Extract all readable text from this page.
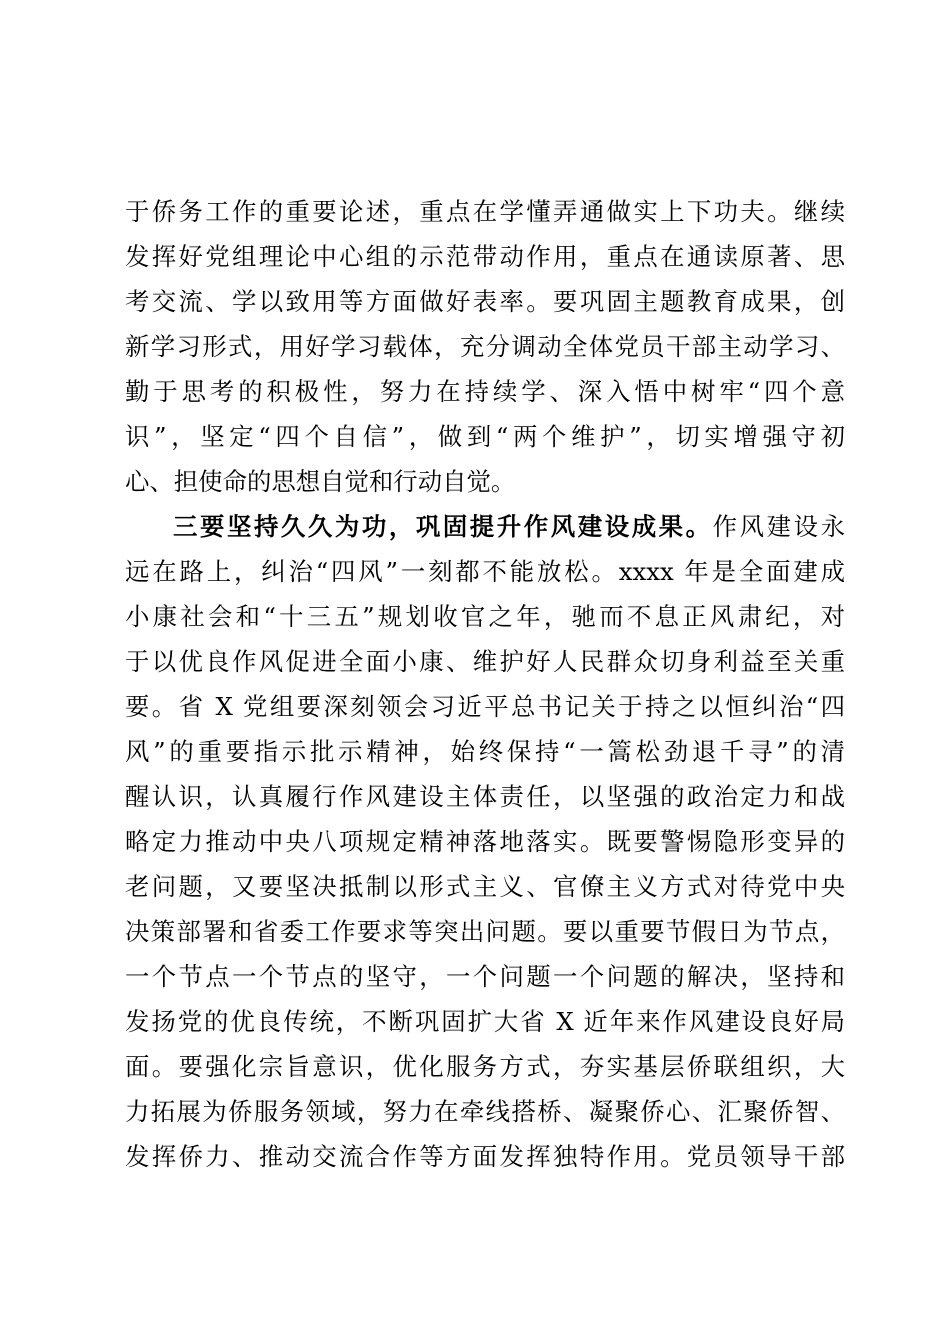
于侨务工作的重要论述，重点在学懂弄通做实上下功夫。继续
发挥好党组理论中心组的示范带动作用，重点在通读原著、思
考交流、学以致用等方面做好表率。要巩固主题教育成果，创
新学习形式，用好学习载体，充分调动全体党员干部主动学习、
勤于思考的积极性，努力在持续学、深入悟中树牢“四个意
识”，坚定“四个自信”，做到“两个维护”，切实增强守初
心、担使命的思想自觉和行动自觉。
三要坚持久久为功，巩固提升作风建设成果。作风建设永
远在路上，纠治“四风”一刻都不能放松。xxxx 年是全面建成
小康社会和“十三五”规划收官之年，驰而不息正风肃纪，对
于以优良作风促进全面小康、维护好人民群众切身利益至关重
要。省 X 党组要深刻领会习近平总书记关于持之以恒纠治“四
风”的重要指示批示精神，始终保持“一篙松劲退千寻”的清
醒认识，认真履行作风建设主体责任，以坚强的政治定力和战
略定力推动中央八项规定精神落地落实。既要警惕隐形变异的
老问题，又要坚决抵制以形式主义、官僚主义方式对待党中央
决策部署和省委工作要求等突出问题。要以重要节假日为节点，
一个节点一个节点的坚守，一个问题一个问题的解决，坚持和
发扬党的优良传统，不断巩固扩大省 X 近年来作风建设良好局
面。要强化宗旨意识，优化服务方式，夯实基层侨联组织，大
力拓展为侨服务领域，努力在牵线搭桥、凝聚侨心、汇聚侨智、
发挥侨力、推动交流合作等方面发挥独特作用。党员领导干部
